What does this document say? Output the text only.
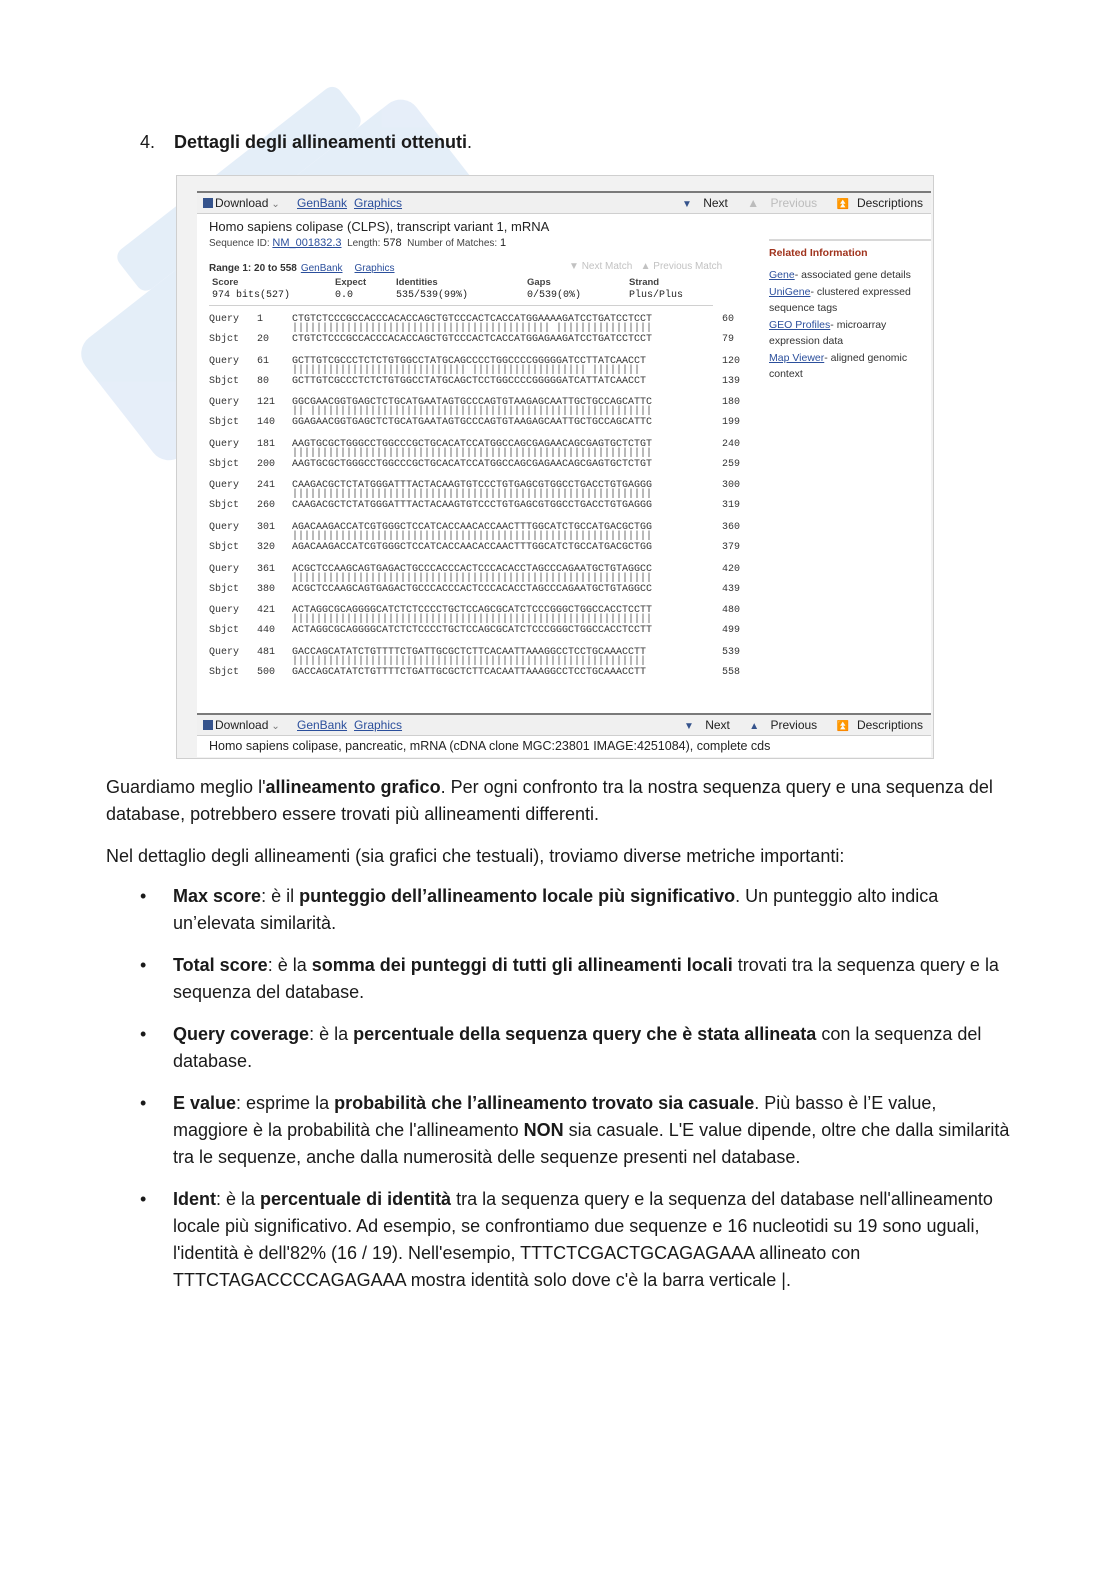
4. Dettagli degli allineamenti ottenuti.
Download ⌄ GenBank Graphics	▼ Next ▲ Previous ⏫ Descriptions
Homo sapiens colipase (CLPS), transcript variant 1, mRNA
Sequence ID: NM_001832.3 Length: 578 Number of Matches: 1
Range 1: 20 to 558 GenBank Graphics	▼ Next Match   ▲ Previous Match
Score	Expect	Identities	Gaps	Strand
974 bits(527)	0.0	535/539(99%)	0/539(0%)	Plus/Plus
Query	1	CTGTCTCCCGCCACCCACACCAGCTGTCCCACTCACCATGGAAAAGATCCTGATCCTCCT	60
||||||||||||||||||||||||||||||||||||||||||| ||||||||||||||||
Sbjct	20 CTGTCTCCCGCCACCCACACCAGCTGTCCCACTCACCATGGAGAAGATCCTGATCCTCCT	79
Query	61 GCTTGTCGCCCTCTCTGTGGCCTATGCAGCCCCTGGCCCCGGGGGATCCTTATCAACCT	120
||||||||||||||||||||||||||||| ||||||||||||||||||| ||||||||
Sbjct	80 GCTTGTCGCCCTCTCTGTGGCCTATGCAGCTCCTGGCCCCGGGGGATCATTATCAACCT	139
Query	121 GGCGAACGGTGAGCTCTGCATGAATAGTGCCCAGTGTAAGAGCAATTGCTGCCAGCATTC	180
|| |||||||||||||||||||||||||||||||||||||||||||||||||||||||||
Sbjct	140 GGAGAACGGTGAGCTCTGCATGAATAGTGCCCAGTGTAAGAGCAATTGCTGCCAGCATTC	199
Query	181 AAGTGCGCTGGGCCTGGCCCGCTGCACATCCATGGCCAGCGAGAACAGCGAGTGCTCTGT	240
||||||||||||||||||||||||||||||||||||||||||||||||||||||||||||
Sbjct	200 AAGTGCGCTGGGCCTGGCCCGCTGCACATCCATGGCCAGCGAGAACAGCGAGTGCTCTGT	259
Query	241 CAAGACGCTCTATGGGATTTACTACAAGTGTCCCTGTGAGCGTGGCCTGACCTGTGAGGG	300
||||||||||||||||||||||||||||||||||||||||||||||||||||||||||||
Sbjct	260 CAAGACGCTCTATGGGATTTACTACAAGTGTCCCTGTGAGCGTGGCCTGACCTGTGAGGG	319
Query	301 AGACAAGACCATCGTGGGCTCCATCACCAACACCAACTTTGGCATCTGCCATGACGCTGG	360
||||||||||||||||||||||||||||||||||||||||||||||||||||||||||||
Sbjct	320 AGACAAGACCATCGTGGGCTCCATCACCAACACCAACTTTGGCATCTGCCATGACGCTGG	379
Query	361 ACGCTCCAAGCAGTGAGACTGCCCACCCACTCCCACACCTAGCCCAGAATGCTGTAGGCC	420
||||||||||||||||||||||||||||||||||||||||||||||||||||||||||||
Sbjct	380 ACGCTCCAAGCAGTGAGACTGCCCACCCACTCCCACACCTAGCCCAGAATGCTGTAGGCC	439
Query	421 ACTAGGCGCAGGGGCATCTCTCCCCTGCTCCAGCGCATCTCCCGGGCTGGCCACCTCCTT	480
||||||||||||||||||||||||||||||||||||||||||||||||||||||||||||
Sbjct	440 ACTAGGCGCAGGGGCATCTCTCCCCTGCTCCAGCGCATCTCCCGGGCTGGCCACCTCCTT	499
Query	481 GACCAGCATATCTGTTTTCTGATTGCGCTCTTCACAATTAAAGGCCTCCTGCAAACCTT	539
|||||||||||||||||||||||||||||||||||||||||||||||||||||||||||
Sbjct	500 GACCAGCATATCTGTTTTCTGATTGCGCTCTTCACAATTAAAGGCCTCCTGCAAACCTT	558
Related Information
Gene- associated gene details
UniGene- clustered expressed sequence tags
GEO Profiles- microarray expression data
Map Viewer- aligned genomic context
Download ⌄ GenBank Graphics	▼ Next ▲ Previous ⏫ Descriptions
Homo sapiens colipase, pancreatic, mRNA (cDNA clone MGC:23801 IMAGE:4251084), complete cds
Guardiamo meglio l'allineamento grafico. Per ogni confronto tra la nostra sequenza query e una sequenza del database, potrebbero essere trovati più allineamenti differenti.
Nel dettaglio degli allineamenti (sia grafici che testuali), troviamo diverse metriche importanti:
• Max score: è il punteggio dell’allineamento locale più significativo. Un punteggio alto indica un’elevata similarità.
• Total score: è la somma dei punteggi di tutti gli allineamenti locali trovati tra la sequenza query e la sequenza del database.
• Query coverage: è la percentuale della sequenza query che è stata allineata con la sequenza del database.
• E value: esprime la probabilità che l’allineamento trovato sia casuale. Più basso è l’E value, maggiore è la probabilità che l'allineamento NON sia casuale. L'E value dipende, oltre che dalla similarità tra le sequenze, anche dalla numerosità delle sequenze presenti nel database.
• Ident: è la percentuale di identità tra la sequenza query e la sequenza del database nell'allineamento locale più significativo. Ad esempio, se confrontiamo due sequenze e 16 nucleotidi su 19 sono uguali, l'identità è dell'82% (16 / 19). Nell'esempio, TTTCTCGACTGCAGAGAAA allineato con TTTCTAGACCCCAGAGAAA mostra identità solo dove c'è la barra verticale |.
